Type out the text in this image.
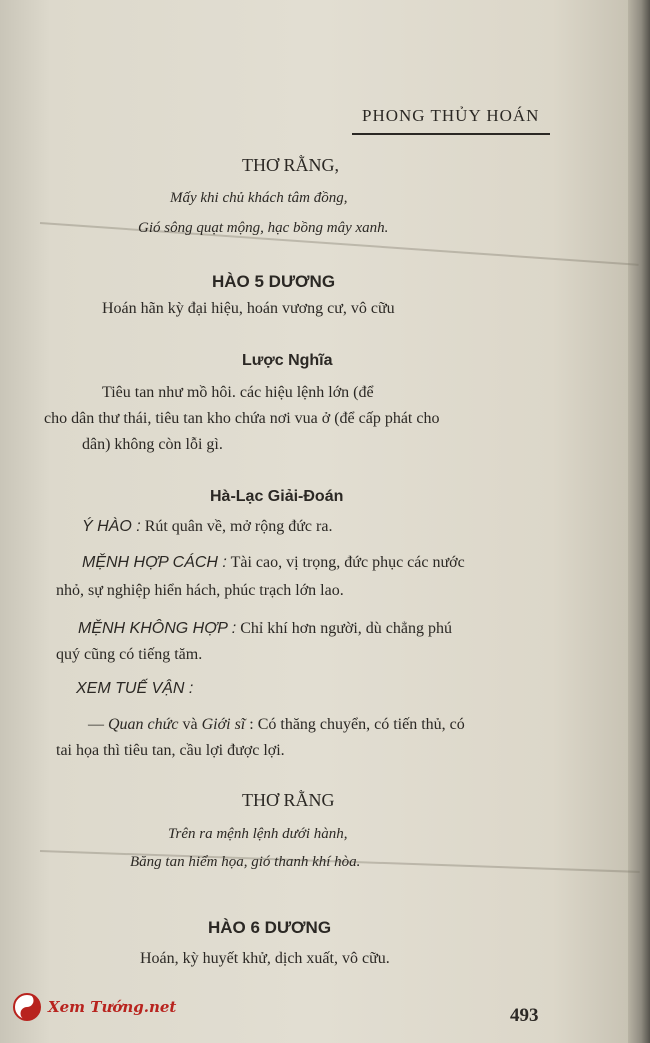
PHONG THỦY HOÁN
THƠ RẰNG,
Mấy khi chủ khách tâm đồng,
Gió sông quạt mộng, hạc bồng mây xanh.
HÀO 5 DƯƠNG
Hoán hãn kỳ đại hiệu, hoán vương cư, vô cữu
Lược Nghĩa
Tiêu tan như mồ hôi. các hiệu lệnh lớn (để
cho dân thư thái, tiêu tan kho chứa nơi vua ở (để cấp phát cho
dân) không còn lỗi gì.
Hà-Lạc Giải-Đoán
Ý HÀO : Rút quân về, mở rộng đức ra.
MỆNH HỢP CÁCH : Tài cao, vị trọng, đức phục các nước
nhỏ, sự nghiệp hiển hách, phúc trạch lớn lao.
MỆNH KHÔNG HỢP : Chỉ khí hơn người, dù chẳng phú
quý cũng có tiếng tăm.
XEM TUẾ VẬN :
— Quan chức và Giới sĩ : Có thăng chuyển, có tiến thủ, có
tai họa thì tiêu tan, cầu lợi được lợi.
THƠ RẰNG
Trên ra mệnh lệnh dưới hành,
Băng tan hiểm họa, gió thanh khí hòa.
HÀO 6 DƯƠNG
Hoán, kỳ huyết khử, dịch xuất, vô cữu.
493
Xem Tướng.net
